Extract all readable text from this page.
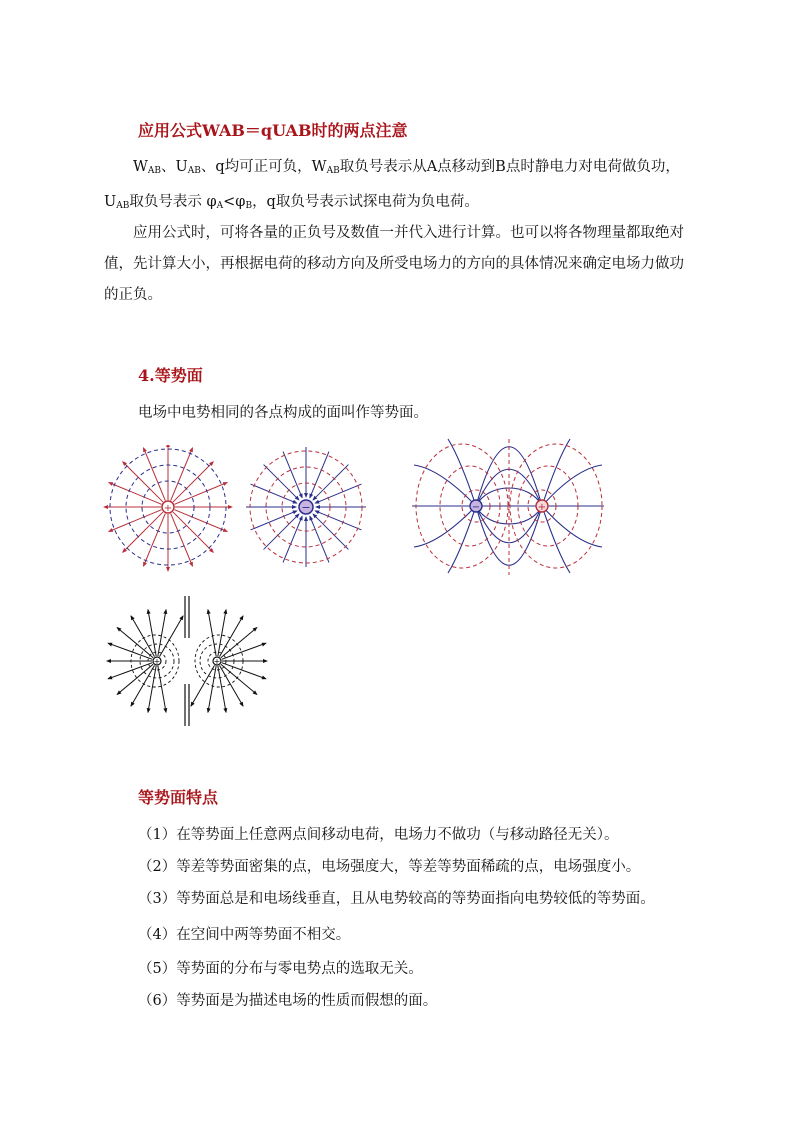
应用公式WAB＝qUAB时的两点注意

$W_{AB}$、$U_{AB}$、q均可正可负，$W_{AB}$取负号表示从A点移动到B点时静电力对电荷做负功，$U_{AB}$取负号表示 $\varphi_A<\varphi_B$，q取负号表示试探电荷为负电荷。

应用公式时，可将各量的正负号及数值一并代入进行计算。也可以将各物理量都取绝对值，先计算大小，再根据电荷的移动方向及所受电场力的方向的具体情况来确定电场力做功的正负。

4.等势面
电场中电势相同的各点构成的面叫作等势面。
+	−	−	+
+	+
等势面特点
（1）在等势面上任意两点间移动电荷，电场力不做功（与移动路径无关）。
（2）等差等势面密集的点，电场强度大，等差等势面稀疏的点，电场强度小。
（3）等势面总是和电场线垂直，且从电势较高的等势面指向电势较低的等势面。
（4）在空间中两等势面不相交。
（5）等势面的分布与零电势点的选取无关。
（6）等势面是为描述电场的性质而假想的面。
